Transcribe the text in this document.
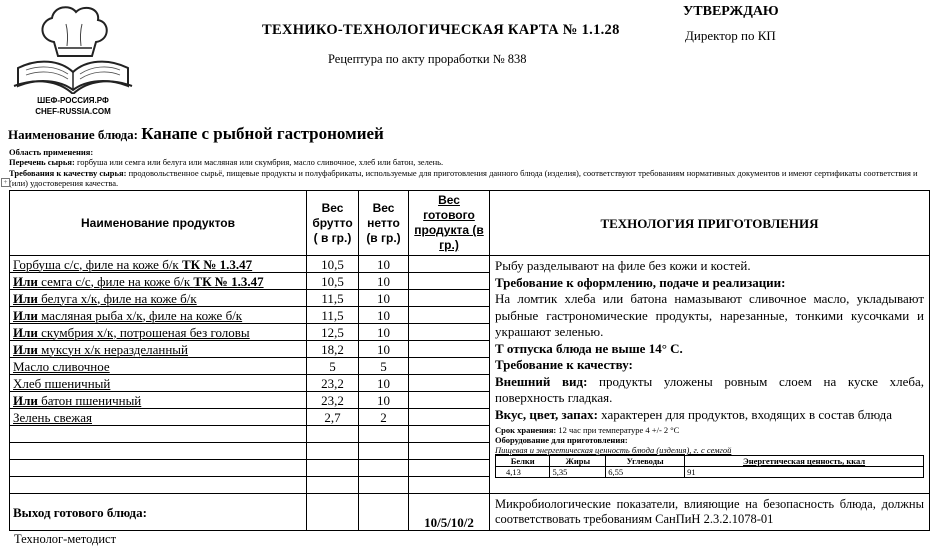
ШЕФ-РОССИЯ.РФ
CHEF-RUSSIA.COM
ТЕХНИКО-ТЕХНОЛОГИЧЕСКАЯ КАРТА № 1.1.28
Рецептура по акту проработки № 838
УТВЕРЖДАЮ
Директор по КП
Наименование блюда: Канапе с рыбной гастрономией
Область применения:
Перечень сырья: горбуша или семга или белуга или масляная или скумбрия, масло сливочное, хлеб или батон, зелень.
Требования к качеству сырья: продовольственное сырьё, пищевые продукты и полуфабрикаты, используемые для приготовления данного блюда (изделия), соответствуют требованиям нормативных документов и имеют сертификаты соответствия и (или) удостоверения качества.
+
Наименование продуктов	Вес брутто ( в гр.)	Вес нетто (в гр.)	Вес готового продукта (в гр.)	ТЕХНОЛОГИЯ ПРИГОТОВЛЕНИЯ
Горбуша с/с, филе на коже б/к ТК № 1.3.47	10,5	10		Рыбу разделывают на филе без кожи и костей.

Требование к оформлению, подаче и реализации:

На ломтик хлеба или батона намазывают сливочное масло, укладывают рыбные гастрономические продукты, нарезанные, тонкими кусочками и украшают зеленью.

Т отпуска блюда не выше 14° С.

Требование к качеству:

Внешний вид: продукты уложены ровным слоем на куске хлеба, поверхность гладкая.

Вкус, цвет, запах: характерен для продуктов, входящих в состав блюда

Срок хранения: 12 час при температуре 4 +/- 2 °С

Оборудование для приготовления:

Пищевая и энергетическая ценность блюда (изделия), г. с семгой

Белки	Жиры	Углеводы	Энергетическая ценность, ккал
4,13	5,35	6,55	91

Или семга с/с, филе на коже б/к ТК № 1.3.47	10,5	10	
Или белуга х/к, филе на коже б/к	11,5	10	
Или масляная рыба х/к, филе на коже б/к	11,5	10	
Или скумбрия х/к, потрошеная без головы	12,5	10	
Или муксун х/к неразделанный	18,2	10	
Масло сливочное	5	5	
Хлеб пшеничный	23,2	10	
Или батон пшеничный	23,2	10	
Зелень свежая	2,7	2	

Выход готового блюда:			10/5/10/2	Микробиологические показатели, влияющие на безопасность блюда, должны соответствовать требованиям СанПиН 2.3.2.1078-01
Технолог-методист
